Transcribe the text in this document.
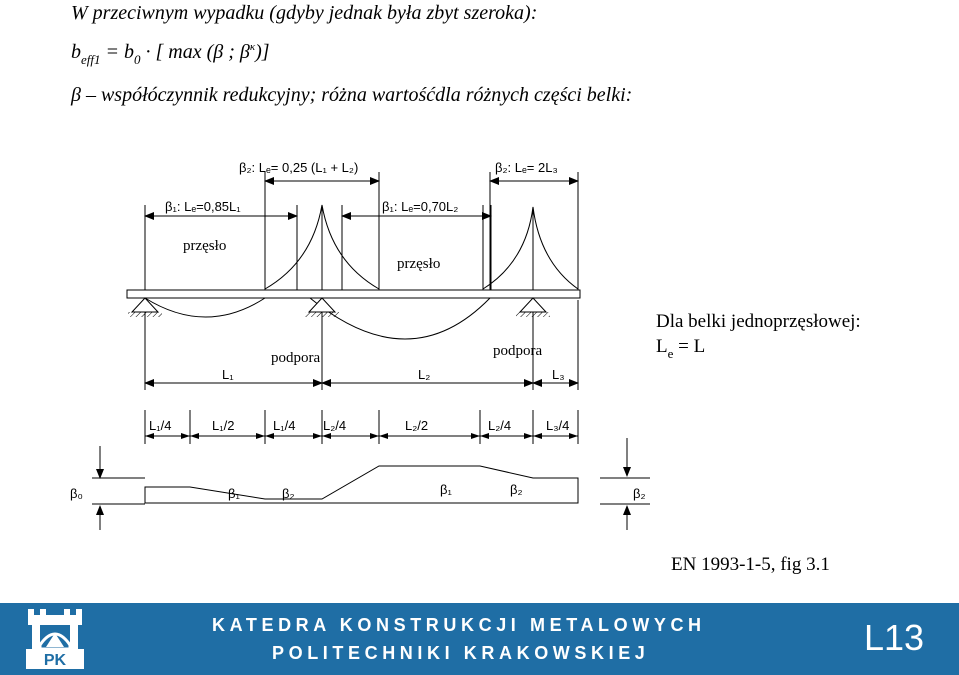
W przeciwnym wypadku (gdyby jednak była zbyt szeroka):
$b_{eff1} = b_0$ · [ max (β ; $\beta^\kappa$)]
β – współóczynnik redukcyjny; różna wartośćdla różnych części belki:
β₂: Lₑ= 0,25 (L₁ + L₂)	β₂: Lₑ= 2L₃
β₁: Lₑ=0,85L₁	β₁: Lₑ=0,70L₂
L₁	L₂	L₃
L₁/4	L₁/2	L₁/4 L₂/4	L₂/2	L₂/4	L₃/4
β₀	β₁	β₂	β₁	β₂	β₂
przęsło
przęsło
podpora	podpora
Dla belki jednoprzęsłowej:
$L_e = L$
EN 1993-1-5, fig 3.1
PK
KATEDRA KONSTRUKCJI METALOWYCH
POLITECHNIKI KRAKOWSKIEJ	L13
